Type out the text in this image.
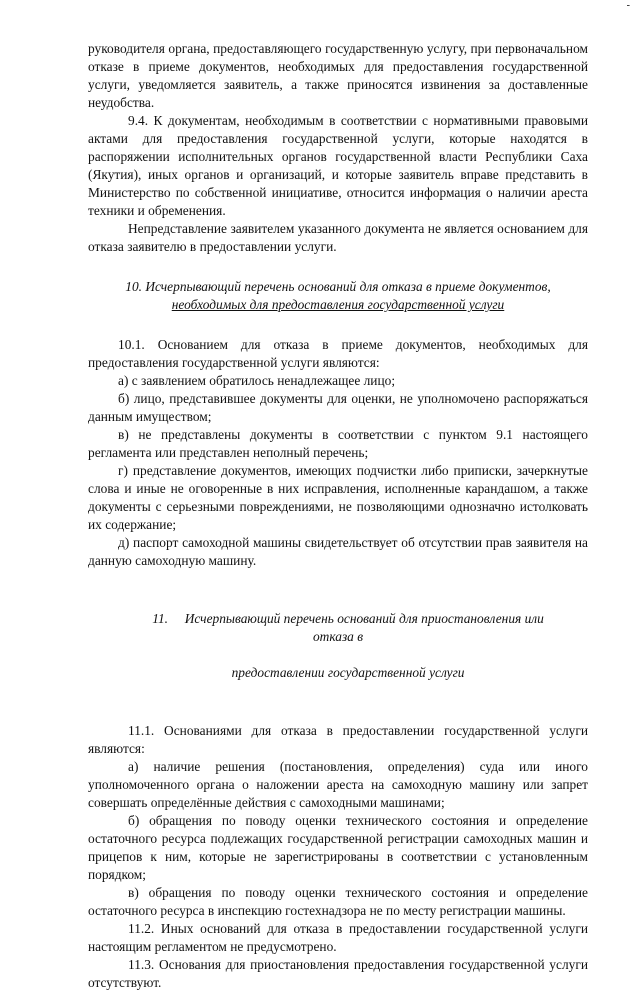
-

руководителя органа, предоставляющего государственную услугу, при первоначальном отказе в приеме документов, необходимых для предоставления государственной услуги, уведомляется заявитель, а также приносятся извинения за доставленные неудобства.

9.4. К документам, необходимым в соответствии с нормативными правовыми актами для предоставления государственной услуги, которые находятся в распоряжении исполнительных органов государственной власти Республики Саха (Якутия), иных органов и организаций, и которые заявитель вправе представить в Министерство по собственной инициативе, относится информация о наличии ареста техники и обременения.

Непредставление заявителем указанного документа не является основанием для отказа заявителю в предоставлении услуги.

10. Исчерпывающий перечень оснований для отказа в приеме документов,
необходимых для предоставления государственной услуги

10.1. Основанием для отказа в приеме документов, необходимых для предоставления государственной услуги являются:

а) с заявлением обратилось ненадлежащее лицо;

б) лицо, представившее документы для оценки, не уполномочено распоряжаться данным имуществом;

в) не представлены документы в соответствии с пунктом 9.1 настоящего регламента или представлен неполный перечень;

г) представление документов, имеющих подчистки либо приписки, зачеркнутые слова и иные не оговоренные в них исправления, исполненные карандашом, а также документы с серьезными повреждениями, не позволяющими однозначно истолковать их содержание;

д) паспорт самоходной машины свидетельствует об отсутствии прав заявителя на данную самоходную машину.

11.     Исчерпывающий перечень оснований для приостановления или отказа в

предоставлении государственной услуги

11.1. Основаниями для отказа в предоставлении государственной услуги являются:

а) наличие решения (постановления, определения) суда или иного уполномоченного органа о наложении ареста на самоходную машину или запрет совершать определённые действия с самоходными машинами;

б) обращения по поводу оценки технического состояния и определение остаточного ресурса подлежащих государственной регистрации самоходных машин и прицепов к ним, которые не зарегистрированы в соответствии с установленным порядком;

в) обращения по поводу оценки технического состояния и определение остаточного ресурса в инспекцию гостехнадзора не по месту регистрации машины.

11.2. Иных оснований для отказа в предоставлении государственной услуги настоящим регламентом не предусмотрено.

11.3. Основания для приостановления предоставления государственной услуги отсутствуют.
